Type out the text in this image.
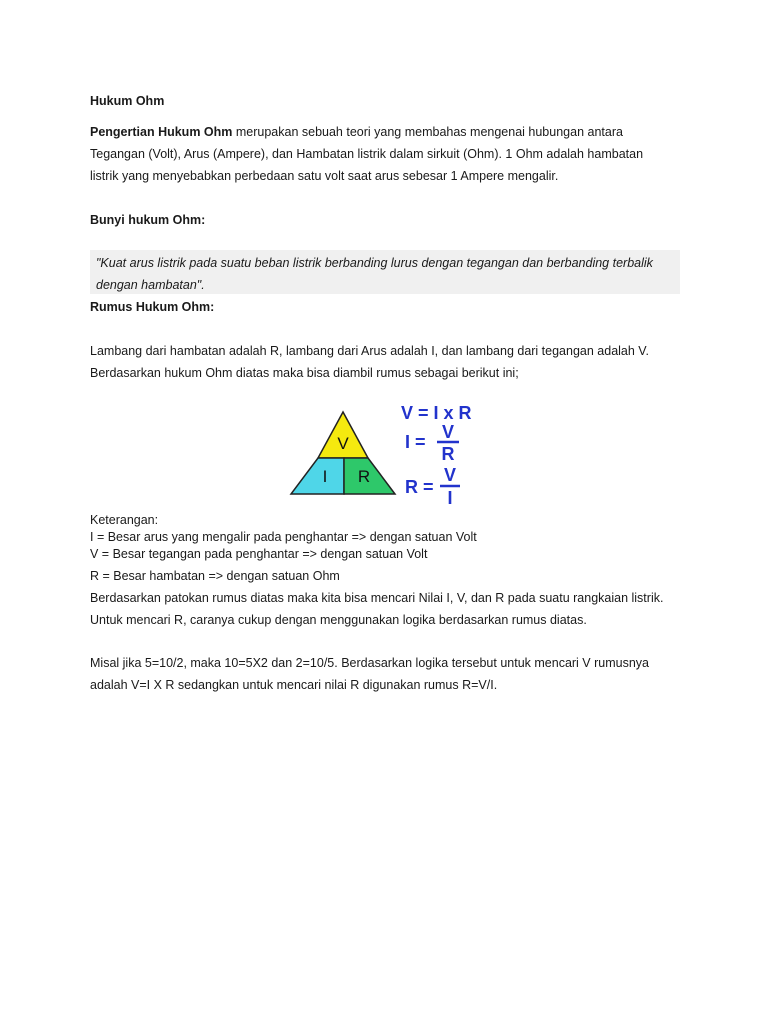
Hukum Ohm
Pengertian Hukum Ohm merupakan sebuah teori yang membahas mengenai hubungan antara
Tegangan (Volt), Arus (Ampere), dan Hambatan listrik dalam sirkuit (Ohm). 1 Ohm adalah hambatan
listrik yang menyebabkan perbedaan satu volt saat arus sebesar 1 Ampere mengalir.
Bunyi hukum Ohm:
"Kuat arus listrik pada suatu beban listrik berbanding lurus dengan tegangan dan berbanding terbalik
dengan hambatan".
Rumus Hukum Ohm:
Lambang dari hambatan adalah R, lambang dari Arus adalah I, dan lambang dari tegangan adalah V.
Berdasarkan hukum Ohm diatas maka bisa diambil rumus sebagai berikut ini;
V
I R
V = I x R
I = V
R
R =
V
I
Keterangan:
I = Besar arus yang mengalir pada penghantar => dengan satuan Volt
V = Besar tegangan pada penghantar => dengan satuan Volt
R = Besar hambatan => dengan satuan Ohm
Berdasarkan patokan rumus diatas maka kita bisa mencari Nilai I, V, dan R pada suatu rangkaian listrik.
Untuk mencari R, caranya cukup dengan menggunakan logika berdasarkan rumus diatas.
Misal jika 5=10/2, maka 10=5X2 dan 2=10/5. Berdasarkan logika tersebut untuk mencari V rumusnya
adalah V=I X R sedangkan untuk mencari nilai R digunakan rumus R=V/I.
